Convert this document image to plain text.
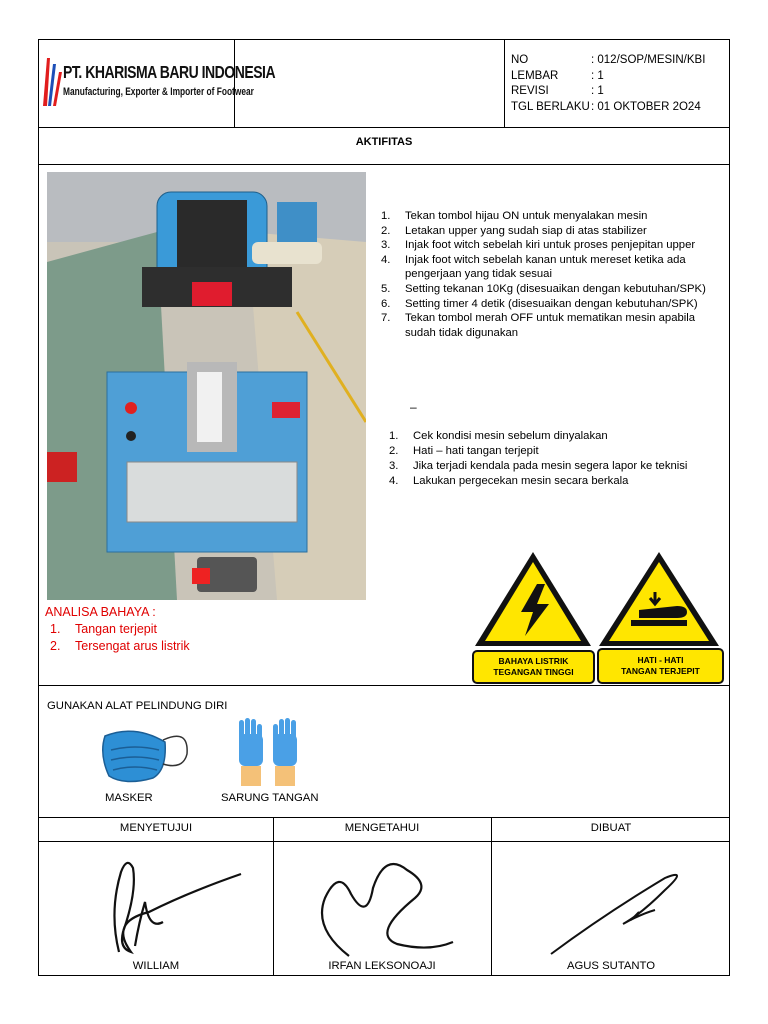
PT. KHARISMA BARU INDONESIA
Manufacturing, Exporter & Importer of Footwear
NO	: 012/SOP/MESIN/KBI
LEMBAR	: 1
REVISI	: 1
TGL BERLAKU : 01 OKTOBER 2O24
AKTIFITAS
1.	Tekan tombol hijau ON untuk menyalakan mesin
2.	Letakan upper yang sudah siap di atas stabilizer
3.	Injak foot witch sebelah kiri untuk proses penjepitan upper
4.	Injak foot witch sebelah kanan untuk mereset ketika ada pengerjaan yang tidak sesuai
5.	Setting tekanan 10Kg (disesuaikan dengan kebutuhan/SPK)
6.	Setting timer 4 detik (disesuaikan dengan kebutuhan/SPK)
7.	Tekan tombol merah OFF untuk mematikan mesin apabila sudah tidak digunakan
–
1.	Cek kondisi mesin sebelum dinyalakan
2.	Hati – hati tangan terjepit
3.	Jika terjadi kendala pada mesin segera lapor ke teknisi
4.	Lakukan pergecekan mesin secara berkala
ANALISA BAHAYA :
1.	Tangan terjepit
2.	Tersengat arus listrik
BAHAYA LISTRIK
TEGANGAN TINGGI
HATI - HATI
TANGAN TERJEPIT
GUNAKAN ALAT PELINDUNG DIRI
MASKER	SARUNG TANGAN
MENYETUJUI	MENGETAHUI	DIBUAT
WILLIAM	IRFAN LEKSONOAJI	AGUS SUTANTO
